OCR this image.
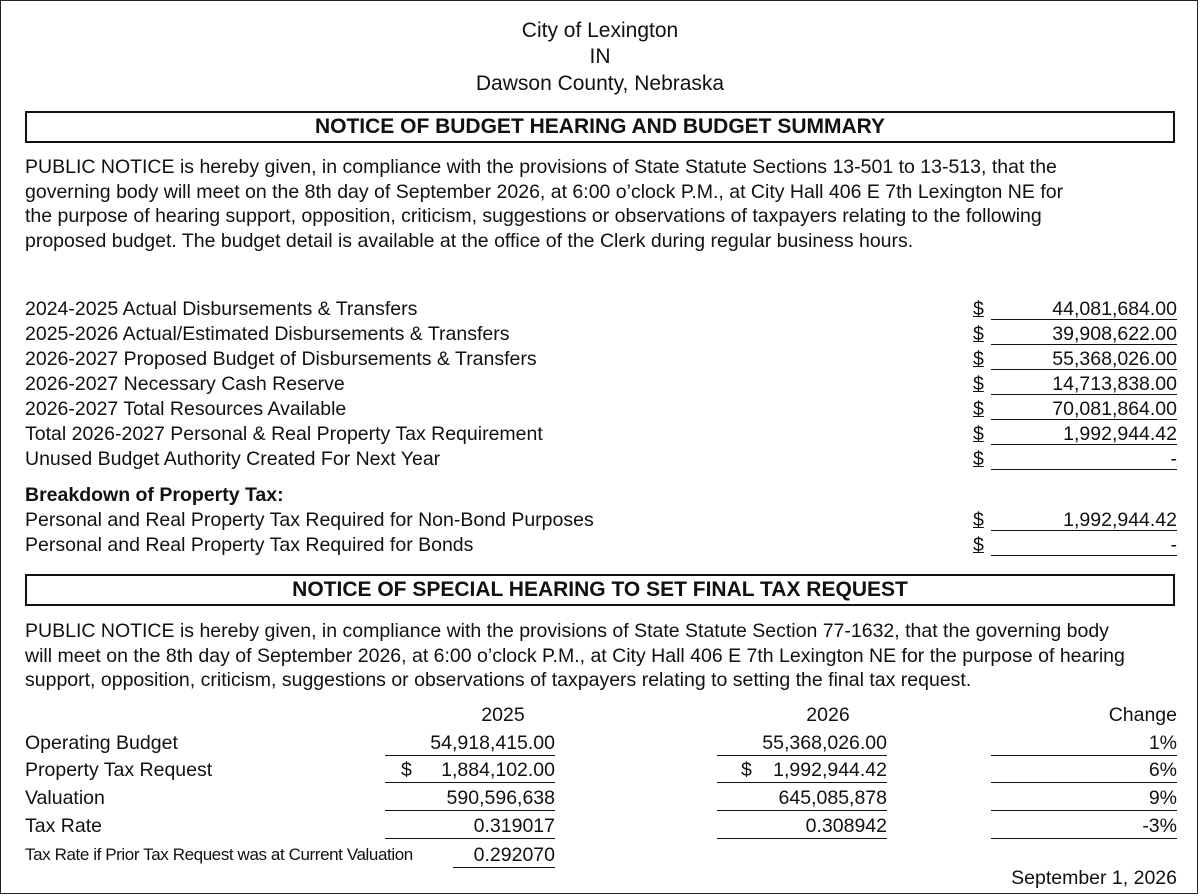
City of Lexington
IN
Dawson County, Nebraska
NOTICE OF BUDGET HEARING AND BUDGET SUMMARY
PUBLIC NOTICE is hereby given, in compliance with the provisions of State Statute Sections 13-501 to 13-513, that the
governing body will meet on the 8th day of September 2026, at 6:00 o’clock P.M., at City Hall 406 E 7th Lexington NE for
the purpose of hearing support, opposition, criticism, suggestions or observations of taxpayers relating to the following
proposed budget. The budget detail is available at the office of the Clerk during regular business hours.
2024-2025 Actual Disbursements & Transfers	$	44,081,684.00
2025-2026 Actual/Estimated Disbursements & Transfers	$	39,908,622.00
2026-2027 Proposed Budget of Disbursements & Transfers	$	55,368,026.00
2026-2027 Necessary Cash Reserve	$	14,713,838.00
2026-2027 Total Resources Available	$	70,081,864.00
Total 2026-2027 Personal & Real Property Tax Requirement	$	1,992,944.42
Unused Budget Authority Created For Next Year	$	-
Breakdown of Property Tax:
Personal and Real Property Tax Required for Non-Bond Purposes	$	1,992,944.42
Personal and Real Property Tax Required for Bonds	$	-
NOTICE OF SPECIAL HEARING TO SET FINAL TAX REQUEST
PUBLIC NOTICE is hereby given, in compliance with the provisions of State Statute Section 77-1632, that the governing body
will meet on the 8th day of September 2026, at 6:00 o’clock P.M., at City Hall 406 E 7th Lexington NE for the purpose of hearing
support, opposition, criticism, suggestions or observations of taxpayers relating to setting the final tax request.
2025	2026	Change
Operating Budget	54,918,415.00	55,368,026.00	1%
Property Tax Request	$ 1,884,102.00	$ 1,992,944.42	6%
Valuation	590,596,638	645,085,878	9%
Tax Rate	0.319017	0.308942	-3%
Tax Rate if Prior Tax Request was at Current Valuation	0.292070
September 1, 2026
